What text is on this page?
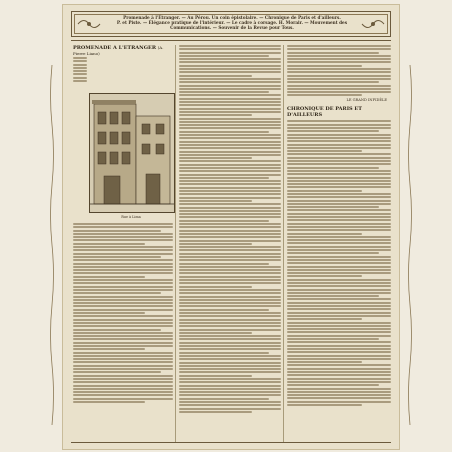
Promenade à l'Étranger. — Au Pérou. Un coin épistolaire. — Chronique de Paris et d'ailleurs.
P. et Piste. — Élégance pratique de l'intérieur. — Le cadre à corsage. H. Morair. — Mouvement des Communications. — Souvenir de la Revue pour Tous.
PROMENADE A L'ETRANGER (A. Pierre Liano)
Rue à Lima
LE GRAND INFIDÈLE
CHRONIQUE DE PARIS ET D'AILLEURS
